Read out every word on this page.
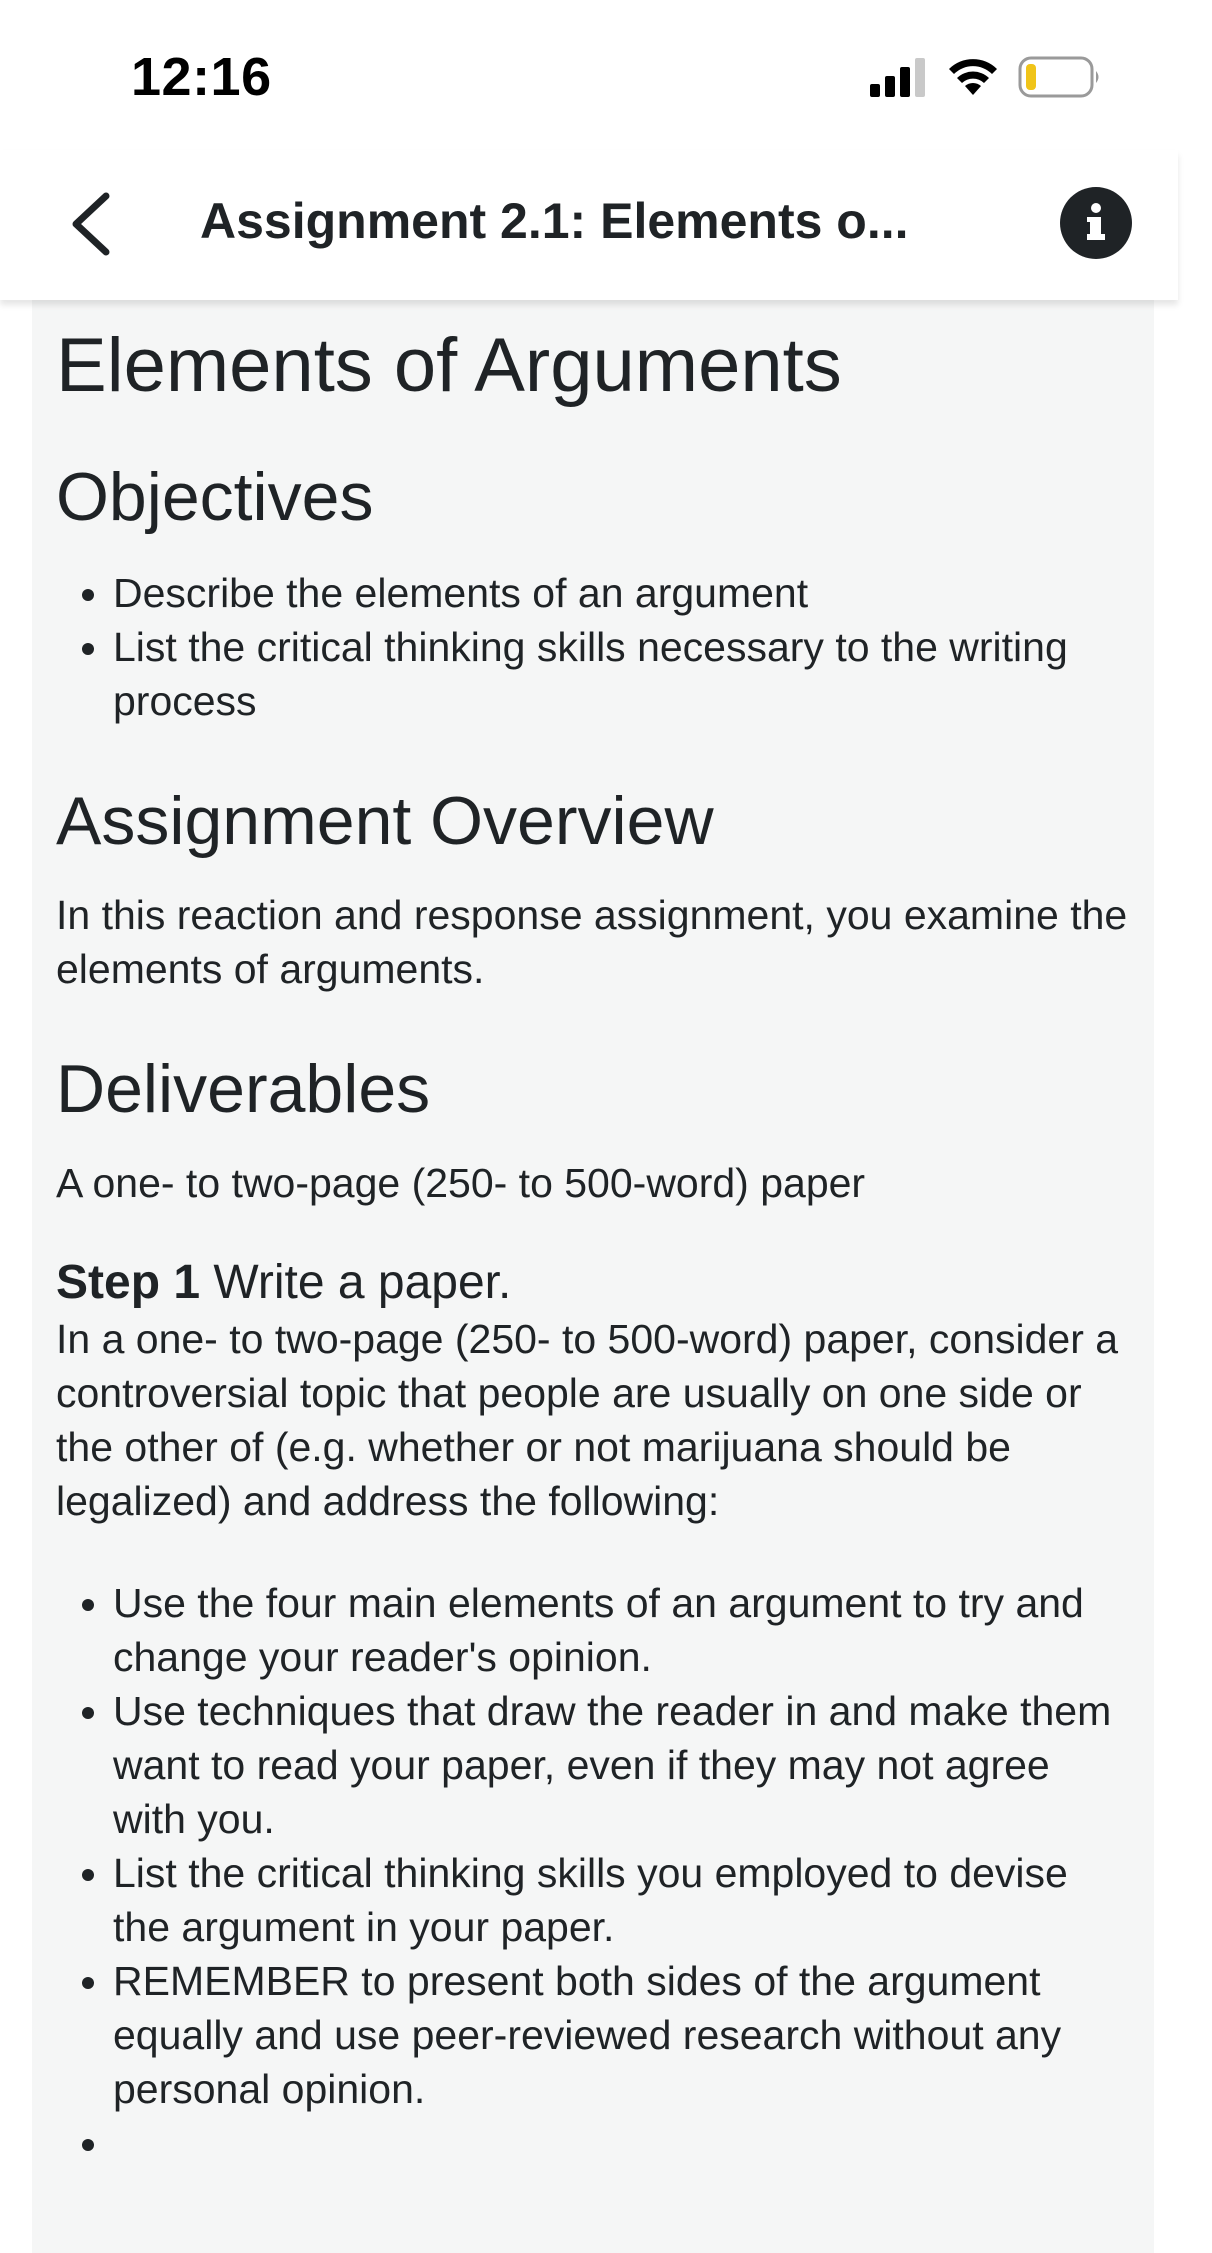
12:16
Assignment 2.1: Elements o...
Elements of Arguments
Objectives
• Describe the elements of an argument
• List the critical thinking skills necessary to the writing process
Assignment Overview

In this reaction and response assignment, you examine the elements of arguments.

Deliverables

A one- to two-page (250- to 500-word) paper

Step 1 Write a paper.

In a one- to two-page (250- to 500-word) paper, consider a controversial topic that people are usually on one side or the other of (e.g. whether or not marijuana should be legalized) and address the following:

• Use the four main elements of an argument to try and change your reader's opinion.
• Use techniques that draw the reader in and make them want to read your paper, even if they may not agree with you.
• List the critical thinking skills you employed to devise the argument in your paper.
• REMEMBER to present both sides of the argument equally and use peer-reviewed research without any personal opinion.
•
